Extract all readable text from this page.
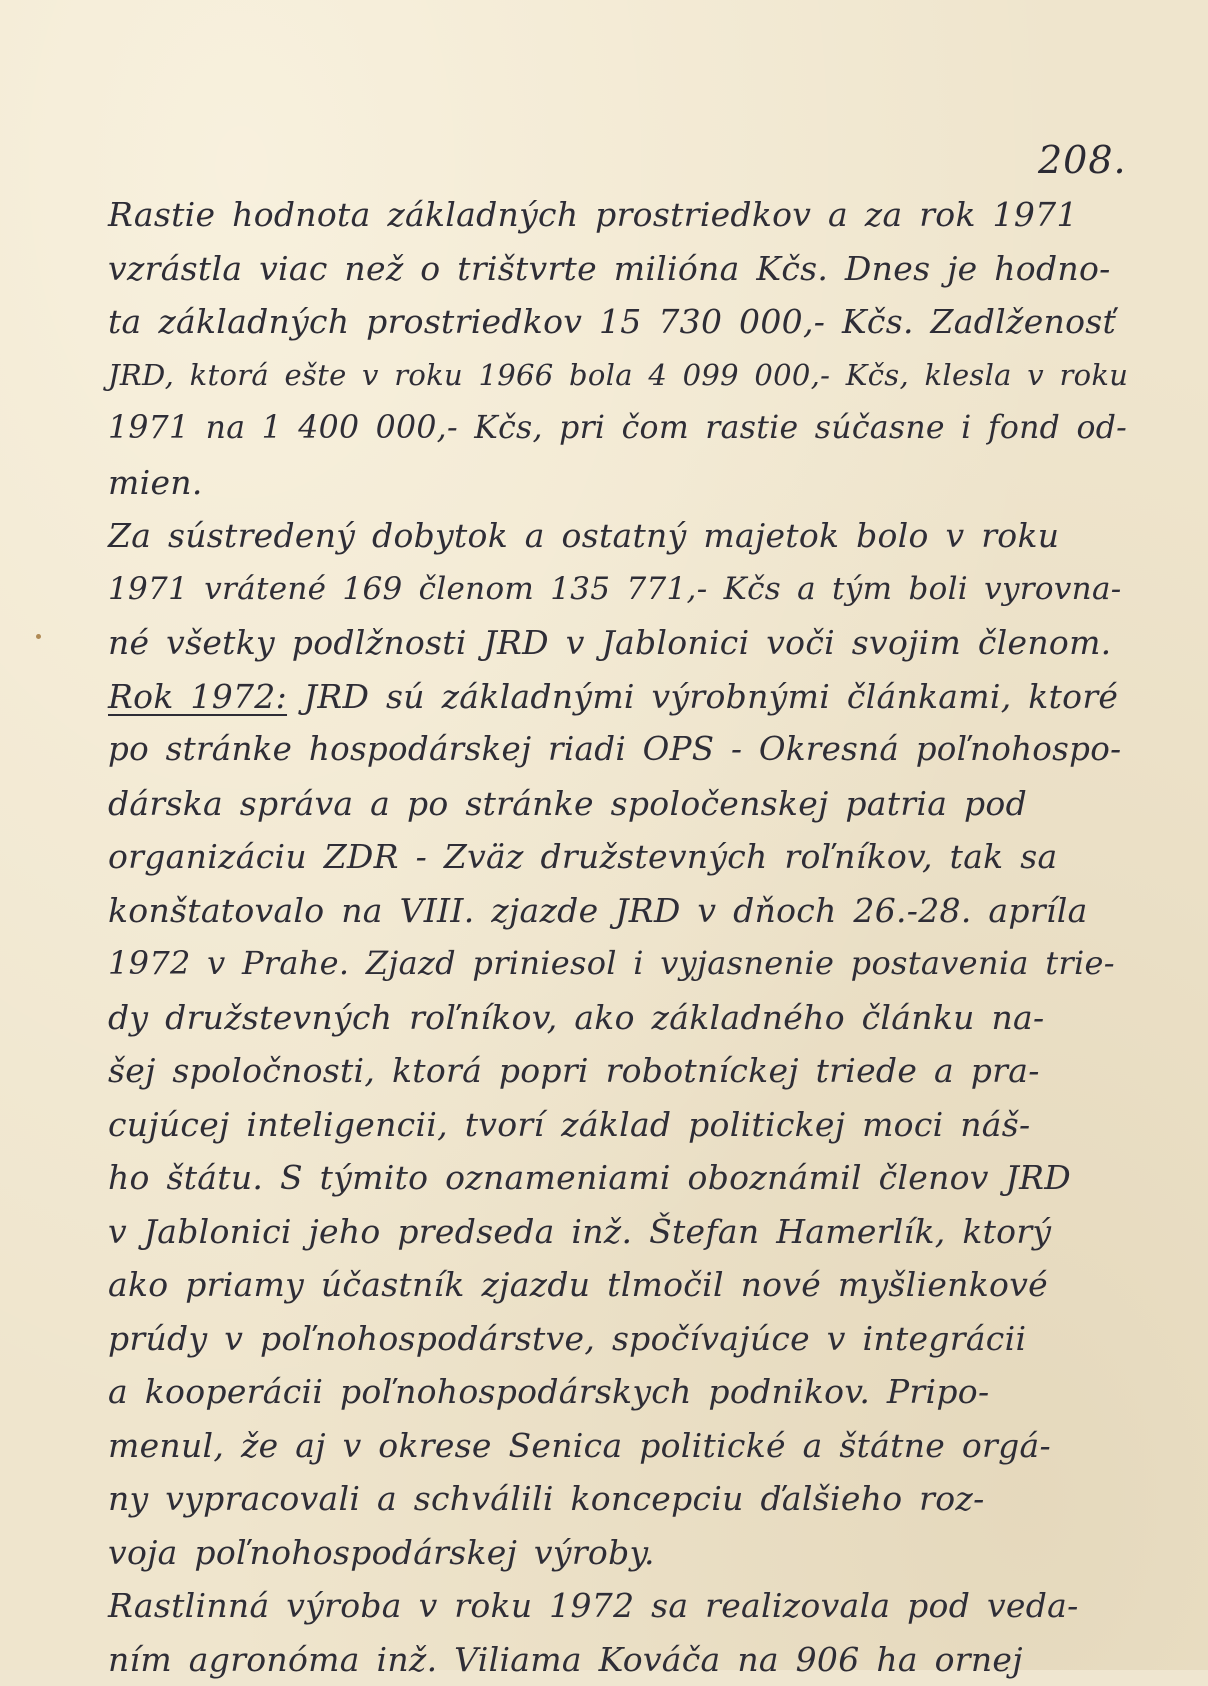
208.
Rastie hodnota základných prostriedkov a za rok 1971
vzrástla viac než o trištvrte milióna Kčs. Dnes je hodno-
ta základných prostriedkov 15 730 000,- Kčs. Zadlženosť
JRD, ktorá ešte v roku 1966 bola 4 099 000,- Kčs, klesla v roku
1971 na 1 400 000,- Kčs, pri čom rastie súčasne i fond od-
mien.
Za sústredený dobytok a ostatný majetok bolo v roku
1971 vrátené 169 členom 135 771,- Kčs a tým boli vyrovna-
né všetky podlžnosti JRD v Jablonici voči svojim členom.
Rok 1972: JRD sú základnými výrobnými článkami, ktoré
po stránke hospodárskej riadi OPS - Okresná poľnohospo-
dárska správa a po stránke spoločenskej patria pod
organizáciu ZDR - Zväz družstevných roľníkov, tak sa
konštatovalo na VIII. zjazde JRD v dňoch 26.-28. apríla
1972 v Prahe. Zjazd priniesol i vyjasnenie postavenia trie-
dy družstevných roľníkov, ako základného článku na-
šej spoločnosti, ktorá popri robotníckej triede a pra-
cujúcej inteligencii, tvorí základ politickej moci náš-
ho štátu. S týmito oznameniami oboznámil členov JRD
v Jablonici jeho predseda inž. Štefan Hamerlík, ktorý
ako priamy účastník zjazdu tlmočil nové myšlienkové
prúdy v poľnohospodárstve, spočívajúce v integrácii
a kooperácii poľnohospodárskych podnikov. Pripo-
menul, že aj v okrese Senica politické a štátne orgá-
ny vypracovali a schválili koncepciu ďalšieho roz-
voja poľnohospodárskej výroby.
Rastlinná výroba v roku 1972 sa realizovala pod veda-
ním agronóma inž. Viliama Kováča na 906 ha ornej
